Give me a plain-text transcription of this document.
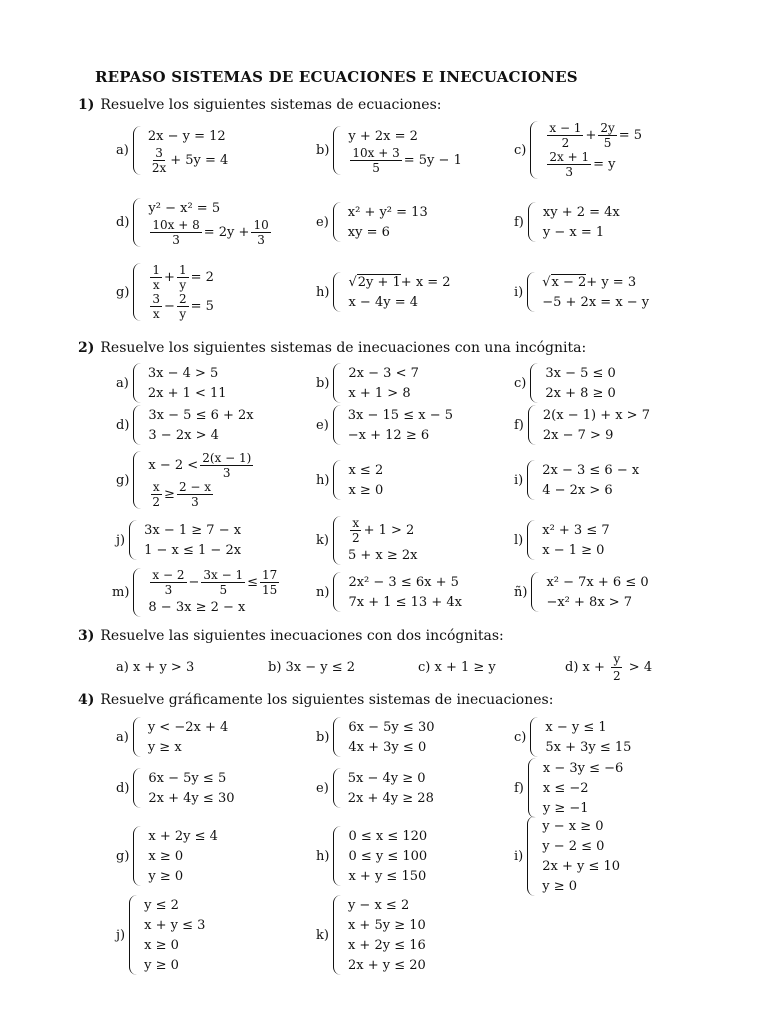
REPASO SISTEMAS DE ECUACIONES E INECUACIONES
1) Resuelve los siguientes sistemas de ecuaciones:
2) Resuelve los siguientes sistemas de inecuaciones con una incógnita:
3) Resuelve las siguientes inecuaciones con dos incógnitas:
4) Resuelve gráficamente los siguientes sistemas de inecuaciones:
a)
2x − y = 12
$\frac{3}{2x} + 5y = 4$
b)
y + 2x = 2
$\frac{10x + 3}{5} = 5y - 1$
c)
$\frac{x - 1}{2} + \frac{2y}{5} = 5$
$\frac{2x + 1}{3} = y$
d)
y² − x² = 5
$\frac{10x + 8}{3} = 2y + \frac{10}{3}$	e)
x² + y² = 13
xy = 6
f)
xy + 2 = 4x
y − x = 1
g)
$\frac{1}{x} + \frac{1}{y} = 2$
$\frac{3}{x} - \frac{2}{y} = 5$
h)
√2y + 1 + x = 2
x − 4y = 4
i)
√x − 2 + y = 3
−5 + 2x = x − y
a)
3x − 4 > 5
2x + 1 < 11
b)
2x − 3 < 7
x + 1 > 8
c)
3x − 5 ≤ 0
2x + 8 ≥ 0
d)
3x − 5 ≤ 6 + 2x
3 − 2x > 4
e)
3x − 15 ≤ x − 5
−x + 12 ≥ 6
f)
2(x − 1) + x > 7
2x − 7 > 9
g)
$x - 2 < \frac{2(x - 1)}{3}$
$\frac{x}{2} \ge \frac{2 - x}{3}$
h)
x ≤ 2
x ≥ 0
i)
2x − 3 ≤ 6 − x
4 − 2x > 6
j)
3x − 1 ≥ 7 − x
1 − x ≤ 1 − 2x
$k) \frac{x}{2} + 1 > 2$
5 + x ≥ 2x
l)
x² + 3 ≤ 7
x − 1 ≥ 0
$m) \frac{x - 2}{3} - \frac{3x - 1}{5} \le \frac{17}{15}$
8 − 3x ≥ 2 − x
n)
2x² − 3 ≤ 6x + 5
7x + 1 ≤ 13 + 4x
ñ)
x² − 7x + 6 ≤ 0
−x² + 8x > 7
a) x + y > 3	b) 3x − y ≤ 2	c) x + 1 ≥ y	d) $x + \frac{y}{2} > 4$
a)
y < −2x + 4
y ≥ x
b)
6x − 5y ≤ 30
4x + 3y ≤ 0
c)
x − y ≤ 1
5x + 3y ≤ 15
d)
6x − 5y ≤ 5
2x + 4y ≤ 30
e)
5x − 4y ≥ 0
2x + 4y ≥ 28
f)
x − 3y ≤ −6
x ≤ −2
y ≥ −1
g)
x + 2y ≤ 4
x ≥ 0
y ≥ 0
h)
0 ≤ x ≤ 120
0 ≤ y ≤ 100
x + y ≤ 150
i)
y − x ≥ 0
y − 2 ≤ 0
2x + y ≤ 10
y ≥ 0
j)
y ≤ 2
x + y ≤ 3
x ≥ 0
y ≥ 0
k)
y − x ≤ 2
x + 5y ≥ 10
x + 2y ≤ 16
2x + y ≤ 20
